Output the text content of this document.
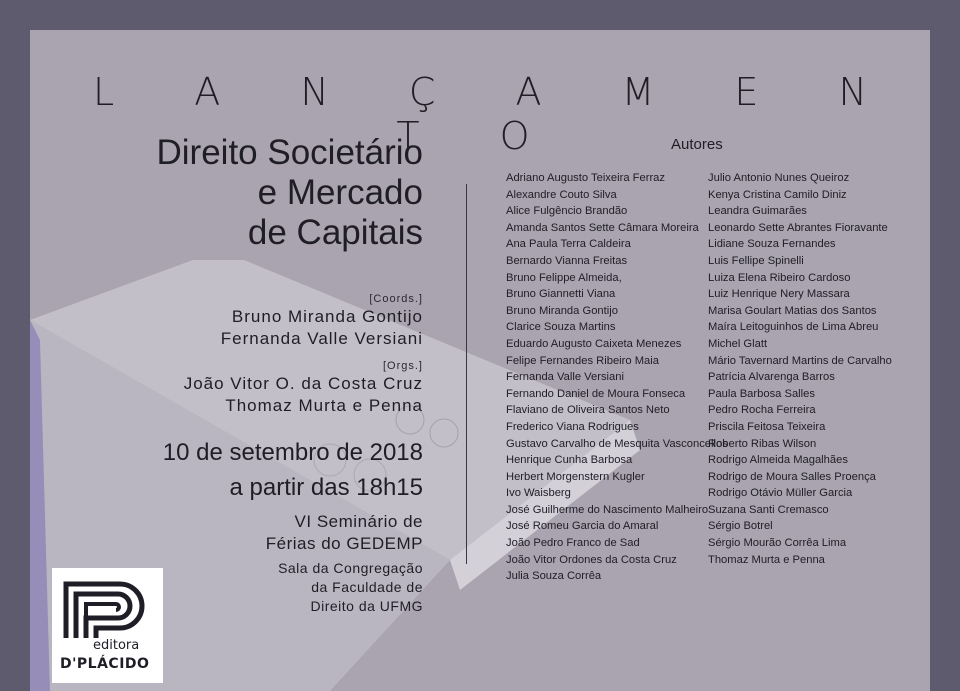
L A N Ç A M E N T O
Direito Societário
e Mercado
de Capitais
[Coords.]
Bruno Miranda Gontijo
Fernanda Valle Versiani
[Orgs.]
João Vitor O. da Costa Cruz
Thomaz Murta e Penna
10 de setembro de 2018
a partir das 18h15
VI Seminário de
Férias do GEDEMP
Sala da Congregação
da Faculdade de
Direito da UFMG
Autores
Adriano Augusto Teixeira Ferraz
Alexandre Couto Silva
Alice Fulgêncio Brandão
Amanda Santos Sette Câmara Moreira
Ana Paula Terra Caldeira
Bernardo Vianna Freitas
Bruno Felippe Almeida,
Bruno Giannetti Viana
Bruno Miranda Gontijo
Clarice Souza Martins
Eduardo Augusto Caixeta Menezes
Felipe Fernandes Ribeiro Maia
Fernanda Valle Versiani
Fernando Daniel de Moura Fonseca
Flaviano de Oliveira Santos Neto
Frederico Viana Rodrigues
Gustavo Carvalho de Mesquita Vasconcellos
Henrique Cunha Barbosa
Herbert Morgenstern Kugler
Ivo Waisberg
José Guilherme do Nascimento Malheiro
José Romeu Garcia do Amaral
João Pedro Franco de Sad
João Vitor Ordones da Costa Cruz
Julia Souza Corrêa
Julio Antonio Nunes Queiroz
Kenya Cristina Camilo Diniz
Leandra Guimarães
Leonardo Sette Abrantes Fioravante
Lidiane Souza Fernandes
Luis Fellipe Spinelli
Luiza Elena Ribeiro Cardoso
Luiz Henrique Nery Massara
Marisa Goulart Matias dos Santos
Maíra Leitoguinhos de Lima Abreu
Michel Glatt
Mário Tavernard Martins de Carvalho
Patrícia Alvarenga Barros
Paula Barbosa Salles
Pedro Rocha Ferreira
Priscila Feitosa Teixeira
Roberto Ribas Wilson
Rodrigo Almeida Magalhães
Rodrigo de Moura Salles Proença
Rodrigo Otávio Müller Garcia
Suzana Santi Cremasco
Sérgio Botrel
Sérgio Mourão Corrêa Lima
Thomaz Murta e Penna
editora
D'PLÁCIDO
